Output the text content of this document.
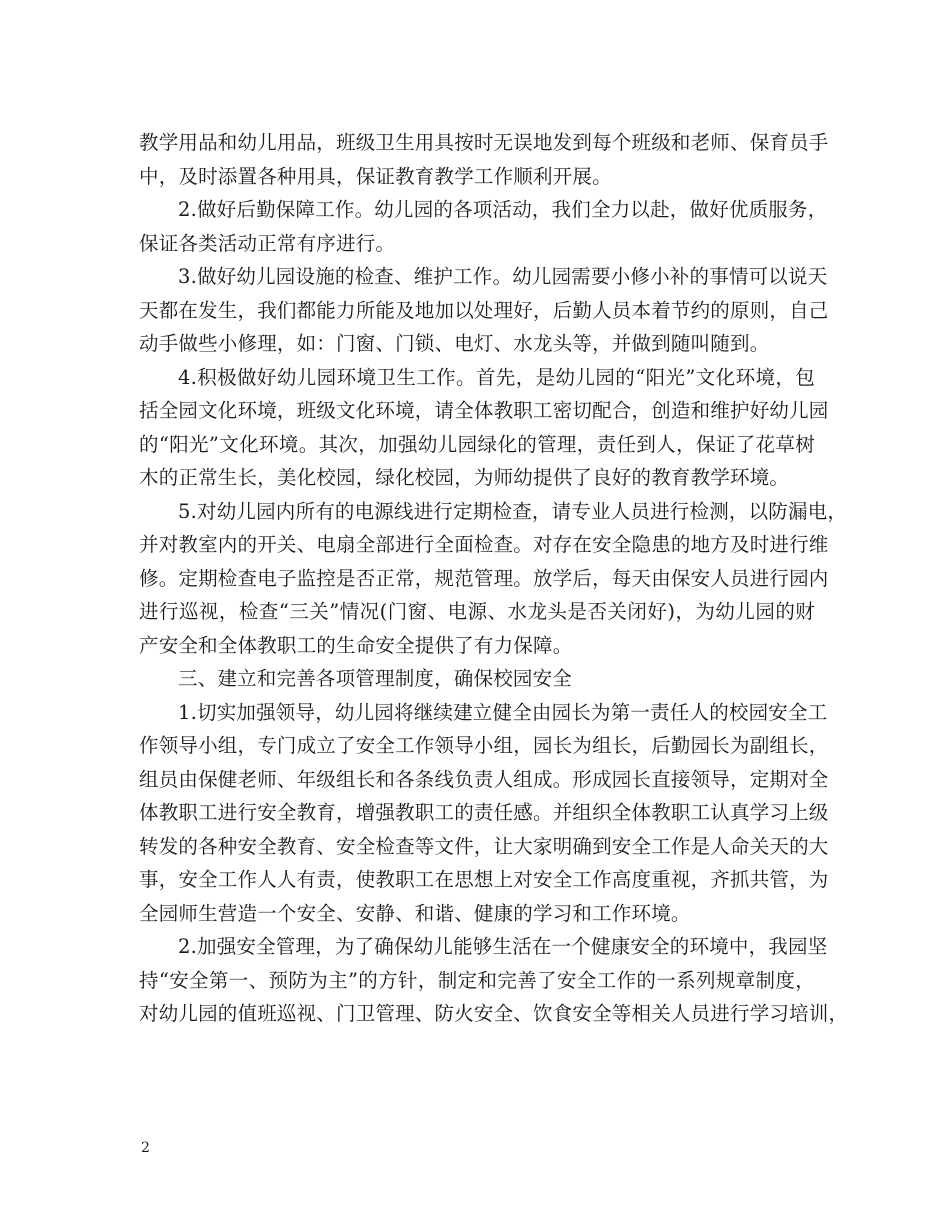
教学用品和幼儿用品，班级卫生用具按时无误地发到每个班级和老师、保育员手
中，及时添置各种用具，保证教育教学工作顺利开展。
2.做好后勤保障工作。幼儿园的各项活动，我们全力以赴，做好优质服务，
保证各类活动正常有序进行。
3.做好幼儿园设施的检查、维护工作。幼儿园需要小修小补的事情可以说天
天都在发生，我们都能力所能及地加以处理好，后勤人员本着节约的原则，自己
动手做些小修理，如：门窗、门锁、电灯、水龙头等，并做到随叫随到。
4.积极做好幼儿园环境卫生工作。首先，是幼儿园的“阳光”文化环境，包
括全园文化环境，班级文化环境，请全体教职工密切配合，创造和维护好幼儿园
的“阳光”文化环境。其次，加强幼儿园绿化的管理，责任到人，保证了花草树
木的正常生长，美化校园，绿化校园，为师幼提供了良好的教育教学环境。
5.对幼儿园内所有的电源线进行定期检查，请专业人员进行检测，以防漏电，
并对教室内的开关、电扇全部进行全面检查。对存在安全隐患的地方及时进行维
修。定期检查电子监控是否正常，规范管理。放学后，每天由保安人员进行园内
进行巡视，检查“三关”情况(门窗、电源、水龙头是否关闭好)，为幼儿园的财
产安全和全体教职工的生命安全提供了有力保障。
三、建立和完善各项管理制度，确保校园安全
1.切实加强领导，幼儿园将继续建立健全由园长为第一责任人的校园安全工
作领导小组，专门成立了安全工作领导小组，园长为组长，后勤园长为副组长，
组员由保健老师、年级组长和各条线负责人组成。形成园长直接领导，定期对全
体教职工进行安全教育，增强教职工的责任感。并组织全体教职工认真学习上级
转发的各种安全教育、安全检查等文件，让大家明确到安全工作是人命关天的大
事，安全工作人人有责，使教职工在思想上对安全工作高度重视，齐抓共管，为
全园师生营造一个安全、安静、和谐、健康的学习和工作环境。
2.加强安全管理，为了确保幼儿能够生活在一个健康安全的环境中，我园坚
持“安全第一、预防为主”的方针，制定和完善了安全工作的一系列规章制度，
对幼儿园的值班巡视、门卫管理、防火安全、饮食安全等相关人员进行学习培训，
2
